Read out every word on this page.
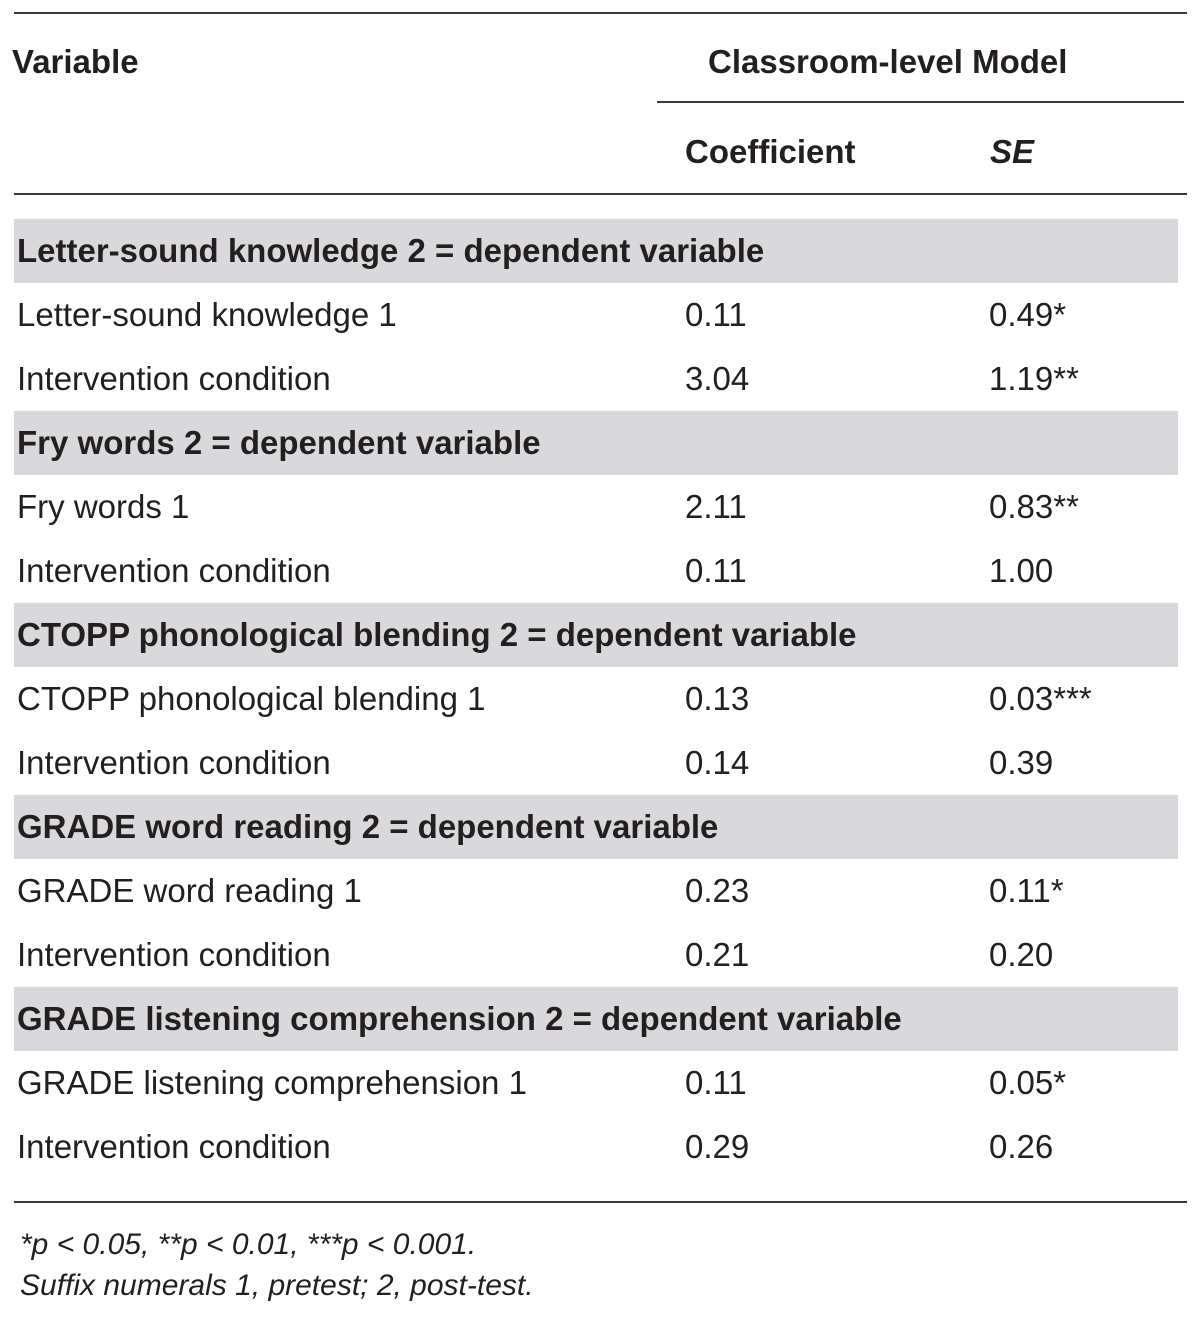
Variable	Classroom-level Model
Coefficient	SE
Letter-sound knowledge 2 = dependent variable
Letter-sound knowledge 1	0.11	0.49*
Intervention condition	3.04	1.19**
Fry words 2 = dependent variable
Fry words 1	2.11	0.83**
Intervention condition	0.11	1.00
CTOPP phonological blending 2 = dependent variable
CTOPP phonological blending 1	0.13	0.03***
Intervention condition	0.14	0.39
GRADE word reading 2 = dependent variable
GRADE word reading 1	0.23	0.11*
Intervention condition	0.21	0.20
GRADE listening comprehension 2 = dependent variable
GRADE listening comprehension 1	0.11	0.05*
Intervention condition	0.29	0.26
*p < 0.05, **p < 0.01, ***p < 0.001.
Suffix numerals 1, pretest; 2, post-test.
